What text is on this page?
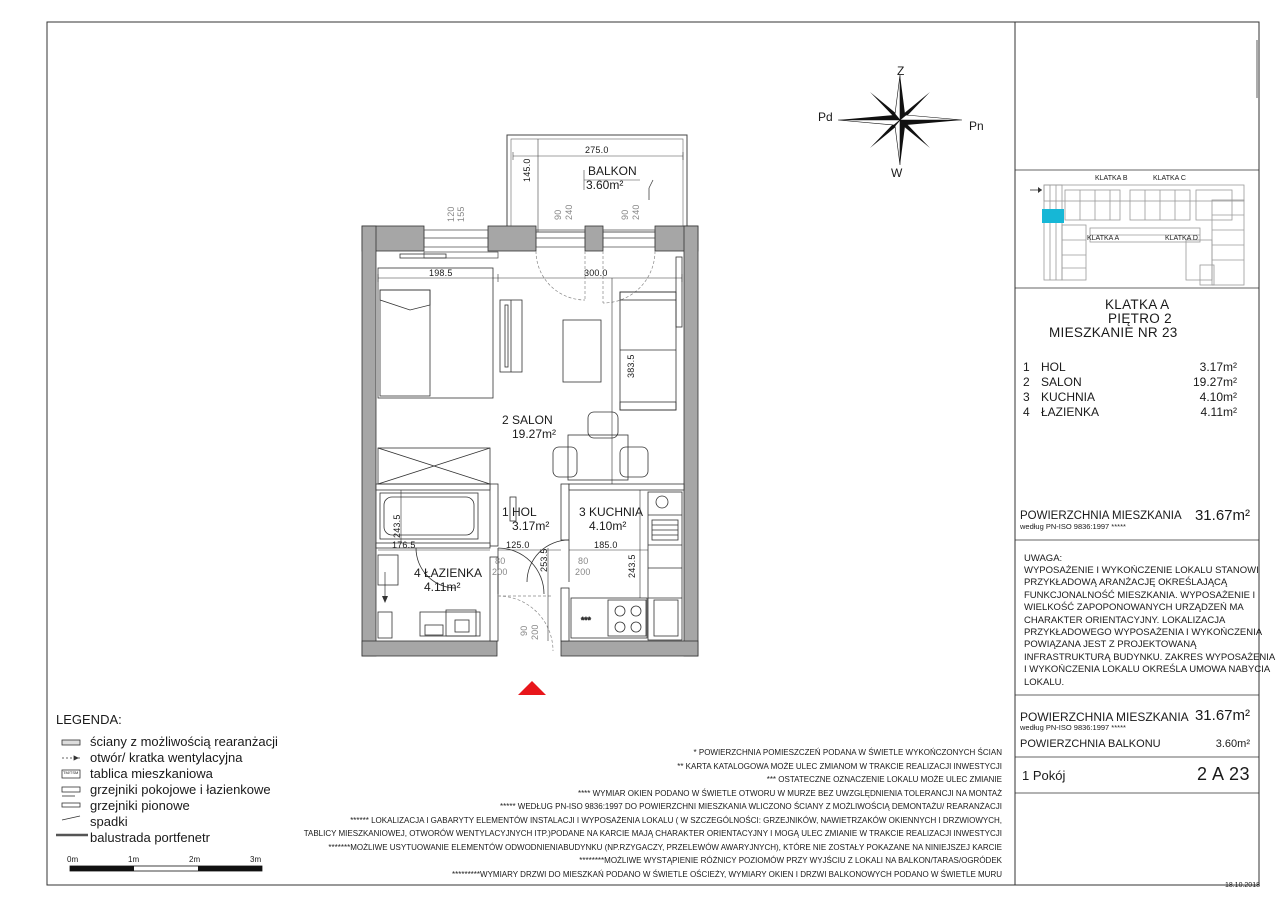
***
275.0
145.0
120 155	90 240	90 240
198.5	300.0
383.5
243.5
176.5	125.0	185.0
253.5	243.5
80
200
80
200
90 200
Z
Pn
W
Pd
BALKON
3.60m²
2 SALON
19.27m²
1 HOL
3.17m²
3 KUCHNIA
4.10m²
4 ŁAZIENKA
4.11m²
KLATKA B	KLATKA C
KLATKA A	KLATKA D
KLATKA A
PIĘTRO 2
MIESZKANIE NR 23
1 HOL	3.17m²
2 SALON	19.27m²
3 KUCHNIA	4.10m²
4 ŁAZIENKA	4.11m²
POWIERZCHNIA MIESZKANIA
według PN-ISO 9836:1997 *****
31.67m²
UWAGA:
WYPOSAŻENIE I WYKOŃCZENIE LOKALU STANOWI
PRZYKŁADOWĄ ARANŻACJĘ OKREŚLAJĄCĄ
FUNKCJONALNOŚĆ MIESZKANIA. WYPOSAŻENIE I
WIELKOŚĆ ZAPOPONOWANYCH URZĄDZEŃ MA
CHARAKTER ORIENTACYJNY. LOKALIZACJA
PRZYKŁADOWEGO WYPOSAŻENIA I WYKOŃCZENIA
POWIĄZANA JEST Z PROJEKTOWANĄ
INFRASTRUKTURĄ BUDYNKU. ZAKRES WYPOSAŻENIA
I WYKOŃCZENIA LOKALU OKREŚLA UMOWA NABYCIA
LOKALU.
POWIERZCHNIA MIESZKANIA
według PN-ISO 9836:1997 *****
31.67m²
POWIERZCHNIA BALKONU	3.60m²
1 Pokój	2 A 23
18.10.2018
LEGENDA:
ściany z możliwością rearanżacji
otwór/ kratka wentylacyjna
tablica mieszkaniowa
grzejniki pokojowe i łazienkowe
grzejniki pionowe
spadki
balustrada portfenetr
TM/TSM
0m	1m	2m	3m
* POWIERZCHNIA POMIESZCZEŃ PODANA W ŚWIETLE WYKOŃCZONYCH ŚCIAN
** KARTA KATALOGOWA MOŻE ULEC ZMIANOM W TRAKCIE REALIZACJI INWESTYCJI
*** OSTATECZNE OZNACZENIE LOKALU MOŻE ULEC ZMIANIE
**** WYMIAR OKIEN PODANO W ŚWIETLE OTWORU W MURZE BEZ UWZGLĘDNIENIA TOLERANCJI NA MONTAŻ
***** WEDŁUG PN-ISO 9836:1997 DO POWIERZCHNI MIESZKANIA WLICZONO ŚCIANY Z MOŻLIWOŚCIĄ DEMONTAŻU/ REARANŻACJI
****** LOKALIZACJA I GABARYTY ELEMENTÓW INSTALACJI I WYPOSAŻENIA LOKALU ( W SZCZEGÓLNOŚCI: GRZEJNIKÓW, NAWIETRZAKÓW OKIENNYCH I DRZWIOWYCH,
TABLICY MIESZKANIOWEJ, OTWORÓW WENTYLACYJNYCH ITP.)PODANE NA KARCIE MAJĄ CHARAKTER ORIENTACYJNY I MOGĄ ULEC ZMIANIE W TRAKCIE REALIZACJI INWESTYCJI
*******MOŻLIWE USYTUOWANIE ELEMENTÓW ODWODNIENIABUDYNKU (NP.RZYGACZY, PRZELEWÓW AWARYJNYCH), KTÓRE NIE ZOSTAŁY POKAZANE NA NINIEJSZEJ KARCIE
********MOŻLIWE WYSTĄPIENIE RÓŻNICY POZIOMÓW PRZY WYJŚCIU Z LOKALI NA BALKON/TARAS/OGRÓDEK
*********WYMIARY DRZWI DO MIESZKAŃ PODANO W ŚWIETLE OŚCIEŻY, WYMIARY OKIEN I DRZWI BALKONOWYCH PODANO W ŚWIETLE MURU
